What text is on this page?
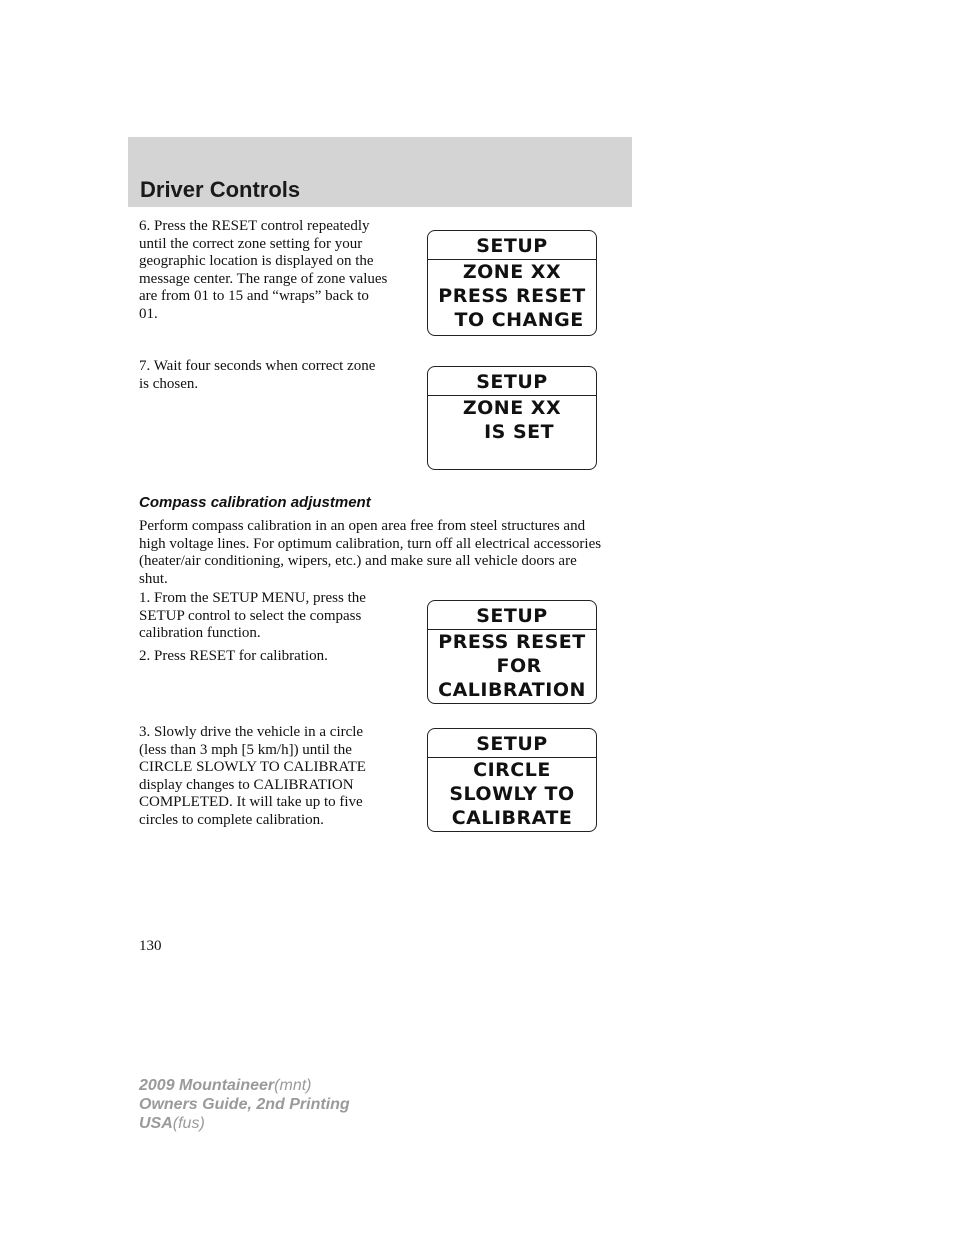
Driver Controls

6. Press the RESET control repeatedly until the correct zone setting for your geographic location is displayed on the message center. The range of zone values are from 01 to 15 and “wraps” back to 01.

SETUP
ZONE XX
PRESS RESET
TO CHANGE

7. Wait four seconds when correct zone is chosen.	SETUP
ZONE XX
IS SET
Compass calibration adjustment

Perform compass calibration in an open area free from steel structures and high voltage lines. For optimum calibration, turn off all electrical accessories (heater/air conditioning, wipers, etc.) and make sure all vehicle doors are shut.

1. From the SETUP MENU, press the SETUP control to select the compass calibration function.

2. Press RESET for calibration.

SETUP
PRESS RESET
FOR
CALIBRATION

3. Slowly drive the vehicle in a circle (less than 3 mph [5 km/h]) until the CIRCLE SLOWLY TO CALIBRATE display changes to CALIBRATION COMPLETED. It will take up to five circles to complete calibration.

SETUP
CIRCLE
SLOWLY TO
CALIBRATE
130
2009 Mountaineer(mnt)
Owners Guide, 2nd Printing
USA(fus)
